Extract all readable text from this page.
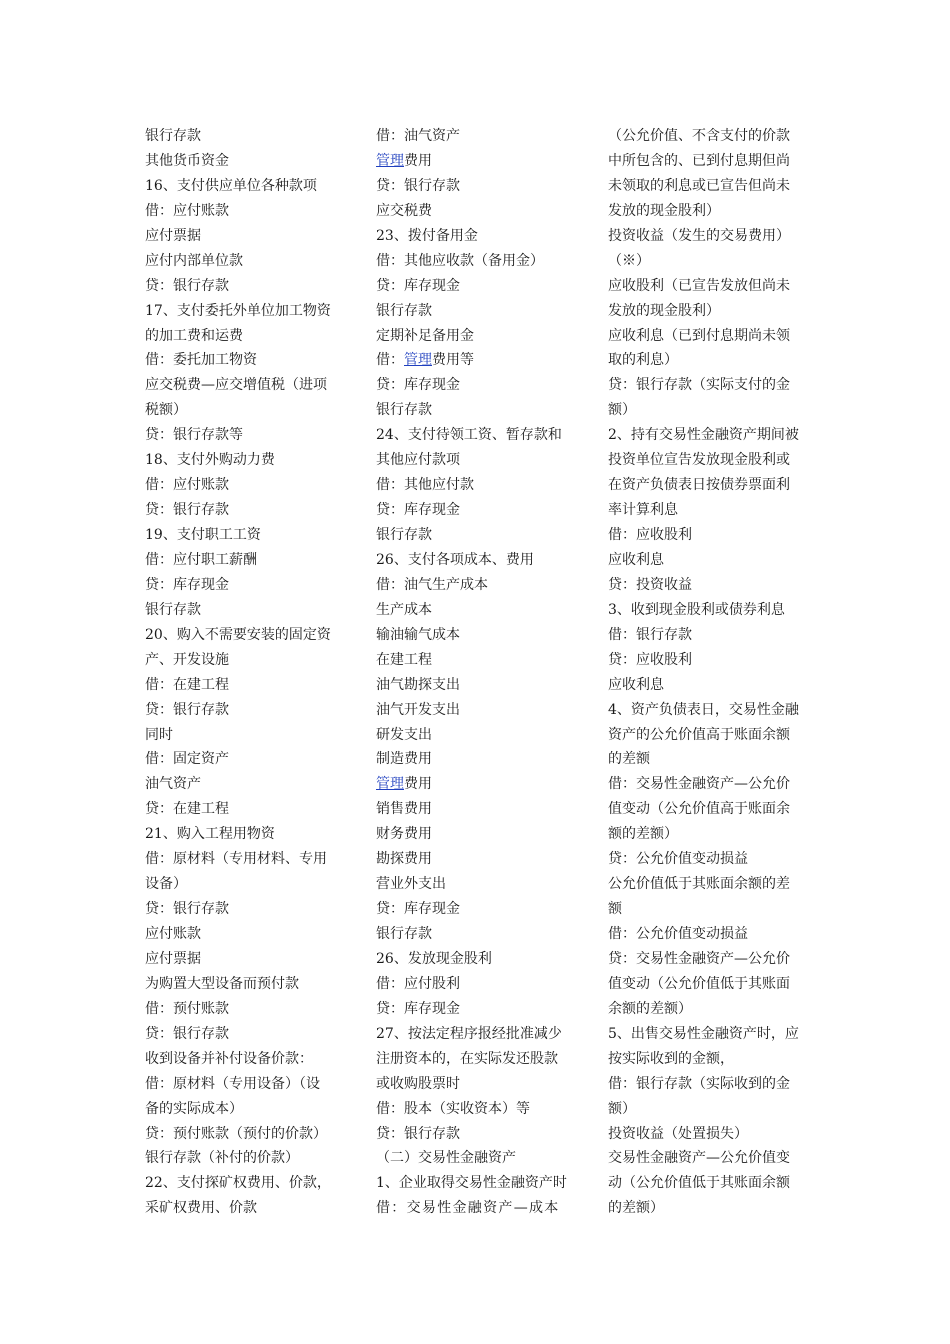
银行存款
其他货币资金
16、支付供应单位各种款项
借：应付账款
应付票据
应付内部单位款
贷：银行存款
17、支付委托外单位加工物资
的加工费和运费
借：委托加工物资
应交税费—应交增值税（进项
税额）
贷：银行存款等
18、支付外购动力费
借：应付账款
贷：银行存款
19、支付职工工资
借：应付职工薪酬
贷：库存现金
银行存款
20、购入不需要安装的固定资
产、开发设施
借：在建工程
贷：银行存款
同时
借：固定资产
油气资产
贷：在建工程
21、购入工程用物资
借：原材料（专用材料、专用
设备）
贷：银行存款
应付账款
应付票据
为购置大型设备而预付款
借：预付账款
贷：银行存款
收到设备并补付设备价款：
借：原材料（专用设备）（设
备的实际成本）
贷：预付账款（预付的价款）
银行存款（补付的价款）
22、支付探矿权费用、价款，
采矿权费用、价款
借：油气资产
管理费用
贷：银行存款
应交税费
23、拨付备用金
借：其他应收款（备用金）
贷：库存现金
银行存款
定期补足备用金
借：管理费用等
贷：库存现金
银行存款
24、支付待领工资、暂存款和
其他应付款项
借：其他应付款
贷：库存现金
银行存款
26、支付各项成本、费用
借：油气生产成本
生产成本
输油输气成本
在建工程
油气勘探支出
油气开发支出
研发支出
制造费用
管理费用
销售费用
财务费用
勘探费用
营业外支出
贷：库存现金
银行存款
26、发放现金股利
借：应付股利
贷：库存现金
27、按法定程序报经批准减少
注册资本的，在实际发还股款
或收购股票时
借：股本（实收资本）等
贷：银行存款
（二）交易性金融资产
1、企业取得交易性金融资产时
借：交易性金融资产—成本
（公允价值、不含支付的价款
中所包含的、已到付息期但尚
未领取的利息或已宣告但尚未
发放的现金股利）
投资收益（发生的交易费用）
（※）
应收股利（已宣告发放但尚未
发放的现金股利）
应收利息（已到付息期尚未领
取的利息）
贷：银行存款（实际支付的金
额）
2、持有交易性金融资产期间被
投资单位宣告发放现金股利或
在资产负债表日按债券票面利
率计算利息
借：应收股利
应收利息
贷：投资收益
3、收到现金股利或债券利息
借：银行存款
贷：应收股利
应收利息
4、资产负债表日，交易性金融
资产的公允价值高于账面余额
的差额
借：交易性金融资产—公允价
值变动（公允价值高于账面余
额的差额）
贷：公允价值变动损益
公允价值低于其账面余额的差
额
借：公允价值变动损益
贷：交易性金融资产—公允价
值变动（公允价值低于其账面
余额的差额）
5、出售交易性金融资产时，应
按实际收到的金额，
借：银行存款（实际收到的金
额）
投资收益（处置损失）
交易性金融资产—公允价值变
动（公允价值低于其账面余额
的差额）
